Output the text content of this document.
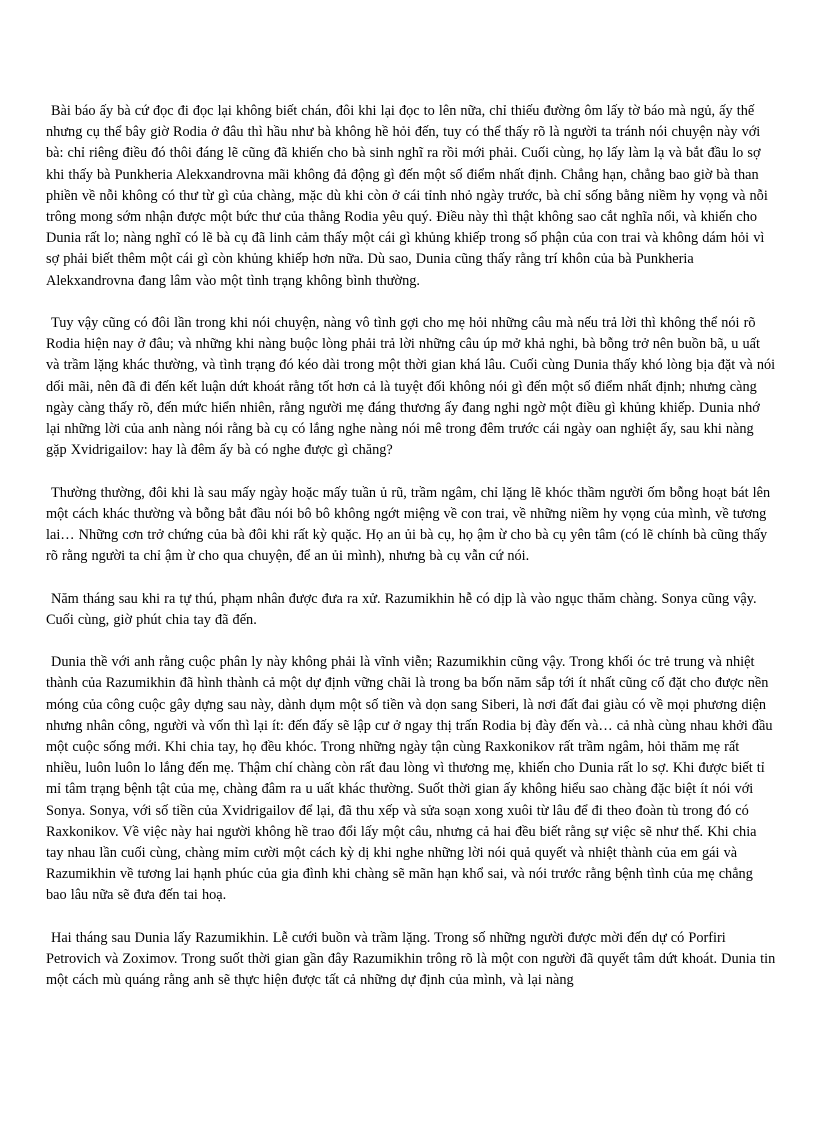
Bài báo ấy bà cứ đọc đi đọc lại không biết chán, đôi khi lại đọc to lên nữa, chỉ thiếu đường ôm lấy tờ báo mà ngủ, ấy thế nhưng cụ thể bây giờ Rodia ở đâu thì hầu như bà không hề hỏi đến, tuy có thể thấy rõ là người ta tránh nói chuyện này với bà: chỉ riêng điều đó thôi đáng lẽ cũng đã khiến cho bà sinh nghĩ ra rồi mới phải. Cuối cùng, họ lấy làm lạ và bắt đầu lo sợ khi thấy bà Punkheria Alekxandrovna mãi không đả động gì đến một số điểm nhất định. Chẳng hạn, chẳng bao giờ bà than phiền về nỗi không có thư từ gì của chàng, mặc dù khi còn ở cái tỉnh nhỏ ngày trước, bà chỉ sống bằng niềm hy vọng và nỗi trông mong sớm nhận được một bức thư của thằng Rodia yêu quý. Điều này thì thật không sao cắt nghĩa nổi, và khiến cho Dunia rất lo; nàng nghĩ có lẽ bà cụ đã linh cảm thấy một cái gì khủng khiếp trong số phận của con trai và không dám hỏi vì sợ phải biết thêm một cái gì còn khủng khiếp hơn nữa. Dù sao, Dunia cũng thấy rằng trí khôn của bà Punkheria Alekxandrovna đang lâm vào một tình trạng không bình thường.

Tuy vậy cũng có đôi lần trong khi nói chuyện, nàng vô tình gợi cho mẹ hỏi những câu mà nếu trả lời thì không thể nói rõ Rodia hiện nay ở đâu; và những khi nàng buộc lòng phải trả lời những câu úp mở khả nghi, bà bỗng trở nên buồn bã, u uất và trầm lặng khác thường, và tình trạng đó kéo dài trong một thời gian khá lâu. Cuối cùng Dunia thấy khó lòng bịa đặt và nói dối mãi, nên đã đi đến kết luận dứt khoát rằng tốt hơn cả là tuyệt đối không nói gì đến một số điểm nhất định; nhưng càng ngày càng thấy rõ, đến mức hiển nhiên, rằng người mẹ đáng thương ấy đang nghi ngờ một điều gì khủng khiếp. Dunia nhớ lại những lời của anh nàng nói rằng bà cụ có lắng nghe nàng nói mê trong đêm trước cái ngày oan nghiệt ấy, sau khi nàng gặp Xvidrigailov: hay là đêm ấy bà có nghe được gì chăng?

Thường thường, đôi khi là sau mấy ngày hoặc mấy tuần ủ rũ, trầm ngâm, chỉ lặng lẽ khóc thầm người ốm bỗng hoạt bát lên một cách khác thường và bỗng bắt đầu nói bô bô không ngớt miệng về con trai, về những niềm hy vọng của mình, về tương lai… Những cơn trở chứng của bà đôi khi rất kỳ quặc. Họ an ủi bà cụ, họ ậm ừ cho bà cụ yên tâm (có lẽ chính bà cũng thấy rõ rằng người ta chỉ ậm ừ cho qua chuyện, để an ủi mình), nhưng bà cụ vẫn cứ nói.

Năm tháng sau khi ra tự thú, phạm nhân được đưa ra xử. Razumikhin hễ có dịp là vào ngục thăm chàng. Sonya cũng vậy. Cuối cùng, giờ phút chia tay đã đến.

Dunia thề với anh rằng cuộc phân ly này không phải là vĩnh viễn; Razumikhin cũng vậy. Trong khối óc trẻ trung và nhiệt thành của Razumikhin đã hình thành cả một dự định vững chãi là trong ba bốn năm sắp tới ít nhất cũng cố đặt cho được nền móng của công cuộc gây dựng sau này, dành dụm một số tiền và dọn sang Siberi, là nơi đất đai giàu có về mọi phương diện nhưng nhân công, người và vốn thì lại ít: đến đấy sẽ lập cư ở ngay thị trấn Rodia bị đày đến và… cả nhà cùng nhau khởi đầu một cuộc sống mới. Khi chia tay, họ đều khóc. Trong những ngày tận cùng Raxkonikov rất trầm ngâm, hỏi thăm mẹ rất nhiều, luôn luôn lo lắng đến mẹ. Thậm chí chàng còn rất đau lòng vì thương mẹ, khiến cho Dunia rất lo sợ. Khi được biết tỉ mỉ tâm trạng bệnh tật của mẹ, chàng đâm ra u uất khác thường. Suốt thời gian ấy không hiểu sao chàng đặc biệt ít nói với Sonya. Sonya, với số tiền của Xvidrigailov để lại, đã thu xếp và sửa soạn xong xuôi từ lâu để đi theo đoàn tù trong đó có Raxkonikov. Về việc này hai người không hề trao đổi lấy một câu, nhưng cả hai đều biết rằng sự việc sẽ như thế. Khi chia tay nhau lần cuối cùng, chàng mỉm cười một cách kỳ dị khi nghe những lời nói quả quyết và nhiệt thành của em gái và Razumikhin về tương lai hạnh phúc của gia đình khi chàng sẽ mãn hạn khổ sai, và nói trước rằng bệnh tình của mẹ chẳng bao lâu nữa sẽ đưa đến tai hoạ.

Hai tháng sau Dunia lấy Razumikhin. Lễ cưới buồn và trầm lặng. Trong số những người được mời đến dự có Porfiri Petrovich và Zoximov. Trong suốt thời gian gần đây Razumikhin trông rõ là một con người đã quyết tâm dứt khoát. Dunia tin một cách mù quáng rằng anh sẽ thực hiện được tất cả những dự định của mình, và lại nàng
